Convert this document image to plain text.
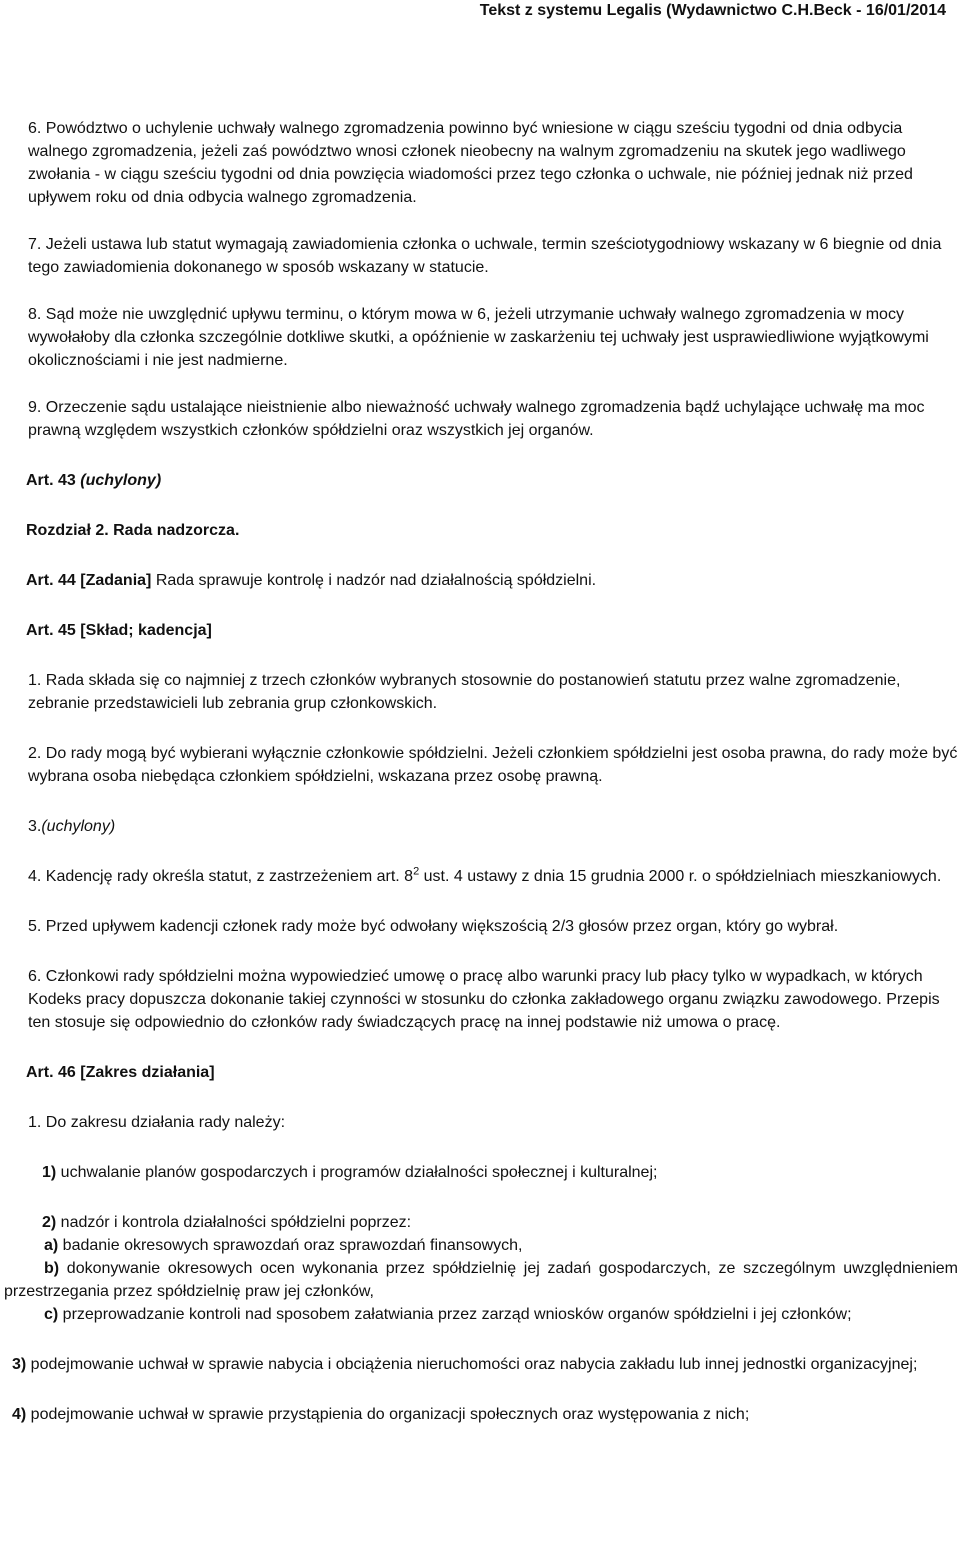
Tekst z systemu Legalis (Wydawnictwo C.H.Beck - 16/01/2014

6. Powództwo o uchylenie uchwały walnego zgromadzenia powinno być wniesione w ciągu sześciu tygodni od dnia odbycia walnego zgromadzenia, jeżeli zaś powództwo wnosi członek nieobecny na walnym zgromadzeniu na skutek jego wadliwego zwołania - w ciągu sześciu tygodni od dnia powzięcia wiadomości przez tego członka o uchwale, nie później jednak niż przed upływem roku od dnia odbycia walnego zgromadzenia.

7. Jeżeli ustawa lub statut wymagają zawiadomienia członka o uchwale, termin sześciotygodniowy wskazany w 6 biegnie od dnia tego zawiadomienia dokonanego w sposób wskazany w statucie.

8. Sąd może nie uwzględnić upływu terminu, o którym mowa w 6, jeżeli utrzymanie uchwały walnego zgromadzenia w mocy wywołałoby dla członka szczególnie dotkliwe skutki, a opóźnienie w zaskarżeniu tej uchwały jest usprawiedliwione wyjątkowymi okolicznościami i nie jest nadmierne.

9. Orzeczenie sądu ustalające nieistnienie albo nieważność uchwały walnego zgromadzenia bądź uchylające uchwałę ma moc prawną względem wszystkich członków spółdzielni oraz wszystkich jej organów.

Art. 43 (uchylony)

Rozdział 2. Rada nadzorcza.

Art. 44 [Zadania] Rada sprawuje kontrolę i nadzór nad działalnością spółdzielni.

Art. 45 [Skład; kadencja]

1. Rada składa się co najmniej z trzech członków wybranych stosownie do postanowień statutu przez walne zgromadzenie, zebranie przedstawicieli lub zebrania grup członkowskich.

2. Do rady mogą być wybierani wyłącznie członkowie spółdzielni. Jeżeli członkiem spółdzielni jest osoba prawna, do rady może być wybrana osoba niebędąca członkiem spółdzielni, wskazana przez osobę prawną.

3.(uchylony)

4. Kadencję rady określa statut, z zastrzeżeniem art. $8^2$ ust. 4 ustawy z dnia 15 grudnia 2000 r. o spółdzielniach mieszkaniowych.

5. Przed upływem kadencji członek rady może być odwołany większością 2/3 głosów przez organ, który go wybrał.

6. Członkowi rady spółdzielni można wypowiedzieć umowę o pracę albo warunki pracy lub płacy tylko w wypadkach, w których Kodeks pracy dopuszcza dokonanie takiej czynności w stosunku do członka zakładowego organu związku zawodowego. Przepis ten stosuje się odpowiednio do członków rady świadczących pracę na innej podstawie niż umowa o pracę.

Art. 46 [Zakres działania]

1. Do zakresu działania rady należy:

1) uchwalanie planów gospodarczych i programów działalności społecznej i kulturalnej;

2) nadzór i kontrola działalności spółdzielni poprzez:

a) badanie okresowych sprawozdań oraz sprawozdań finansowych,

b) dokonywanie okresowych ocen wykonania przez spółdzielnię jej zadań gospodarczych, ze szczególnym uwzględnieniem przestrzegania przez spółdzielnię praw jej członków,

c) przeprowadzanie kontroli nad sposobem załatwiania przez zarząd wniosków organów spółdzielni i jej członków;

3) podejmowanie uchwał w sprawie nabycia i obciążenia nieruchomości oraz nabycia zakładu lub innej jednostki organizacyjnej;

4) podejmowanie uchwał w sprawie przystąpienia do organizacji społecznych oraz występowania z nich;
